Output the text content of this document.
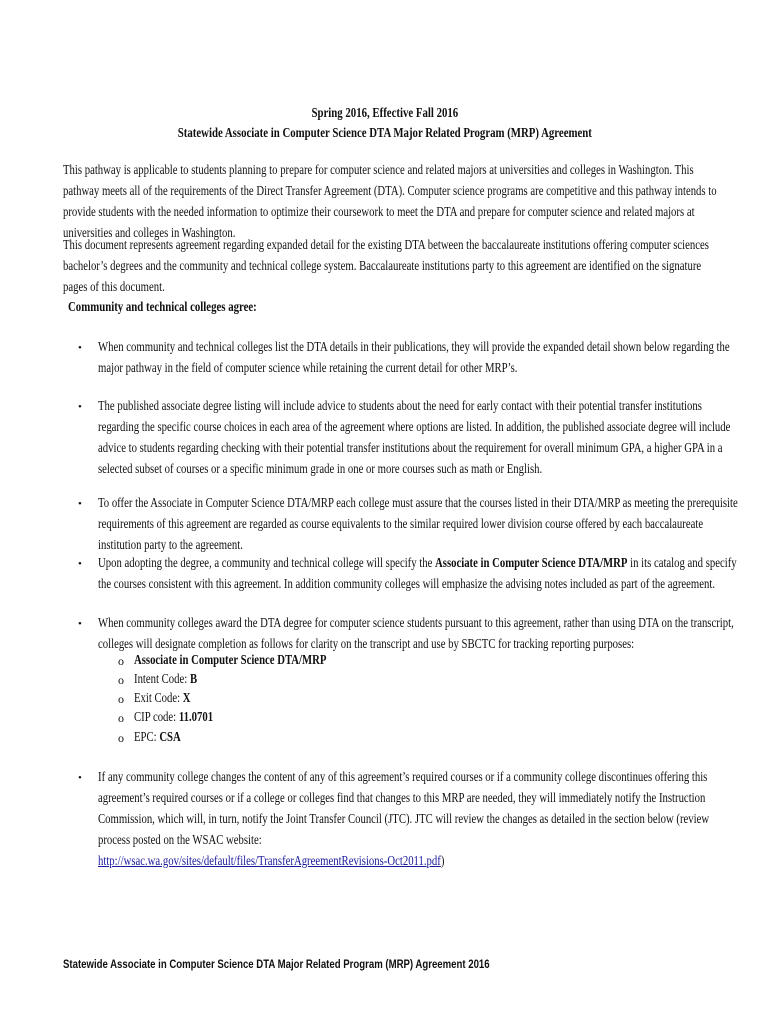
Spring 2016, Effective Fall 2016
Statewide Associate in Computer Science DTA Major Related Program (MRP) Agreement
This pathway is applicable to students planning to prepare for computer science and related majors at universities and colleges in Washington. This pathway meets all of the requirements of the Direct Transfer Agreement (DTA). Computer science programs are competitive and this pathway intends to provide students with the needed information to optimize their coursework to meet the DTA and prepare for computer science and related majors at universities and colleges in Washington.
This document represents agreement regarding expanded detail for the existing DTA between the baccalaureate institutions offering computer sciences bachelor’s degrees and the community and technical college system. Baccalaureate institutions party to this agreement are identified on the signature pages of this document.
Community and technical colleges agree:
• When community and technical colleges list the DTA details in their publications, they will provide the expanded detail shown below regarding the major pathway in the field of computer science while retaining the current detail for other MRP’s.
• The published associate degree listing will include advice to students about the need for early contact with their potential transfer institutions regarding the specific course choices in each area of the agreement where options are listed. In addition, the published associate degree will include advice to students regarding checking with their potential transfer institutions about the requirement for overall minimum GPA, a higher GPA in a selected subset of courses or a specific minimum grade in one or more courses such as math or English.
• To offer the Associate in Computer Science DTA/MRP each college must assure that the courses listed in their DTA/MRP as meeting the prerequisite requirements of this agreement are regarded as course equivalents to the similar required lower division course offered by each baccalaureate institution party to the agreement.
• Upon adopting the degree, a community and technical college will specify the Associate in Computer Science DTA/MRP in its catalog and specify the courses consistent with this agreement. In addition community colleges will emphasize the advising notes included as part of the agreement.
• When community colleges award the DTA degree for computer science students pursuant to this agreement, rather than using DTA on the transcript, colleges will designate completion as follows for clarity on the transcript and use by SBCTC for tracking reporting purposes:
o Associate in Computer Science DTA/MRP
o Intent Code: B
o Exit Code: X
o CIP code: 11.0701
o EPC: CSA
• If any community college changes the content of any of this agreement’s required courses or if a community college discontinues offering this agreement’s required courses or if a college or colleges find that changes to this MRP are needed, they will immediately notify the Instruction Commission, which will, in turn, notify the Joint Transfer Council (JTC). JTC will review the changes as detailed in the section below (review process posted on the WSAC website:
http://wsac.wa.gov/sites/default/files/TransferAgreementRevisions-Oct2011.pdf)
Statewide Associate in Computer Science DTA Major Related Program (MRP) Agreement 2016
